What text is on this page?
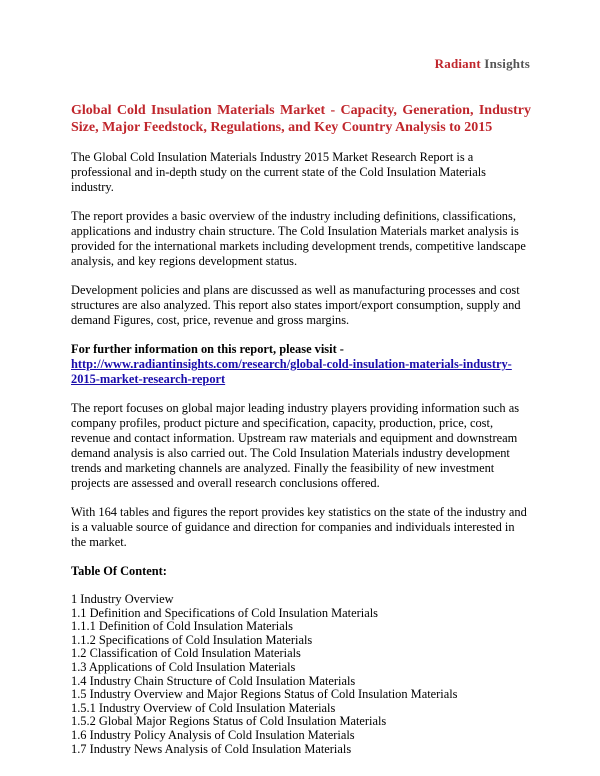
Radiant Insights
Global Cold Insulation Materials Market - Capacity, Generation, Industry Size, Major Feedstock, Regulations, and Key Country Analysis to 2015

The Global Cold Insulation Materials Industry 2015 Market Research Report is a professional and in-depth study on the current state of the Cold Insulation Materials industry.

The report provides a basic overview of the industry including definitions, classifications, applications and industry chain structure. The Cold Insulation Materials market analysis is provided for the international markets including development trends, competitive landscape analysis, and key regions development status.

Development policies and plans are discussed as well as manufacturing processes and cost structures are also analyzed. This report also states import/export consumption, supply and demand Figures, cost, price, revenue and gross margins.

For further information on this report, please visit -
http://www.radiantinsights.com/research/global-cold-insulation-materials-industry-2015-market-research-report

The report focuses on global major leading industry players providing information such as company profiles, product picture and specification, capacity, production, price, cost, revenue and contact information. Upstream raw materials and equipment and downstream demand analysis is also carried out. The Cold Insulation Materials industry development trends and marketing channels are analyzed. Finally the feasibility of new investment projects are assessed and overall research conclusions offered.

With 164 tables and figures the report provides key statistics on the state of the industry and is a valuable source of guidance and direction for companies and individuals interested in the market.

Table Of Content:
1 Industry Overview
1.1 Definition and Specifications of Cold Insulation Materials
1.1.1 Definition of Cold Insulation Materials
1.1.2 Specifications of Cold Insulation Materials
1.2 Classification of Cold Insulation Materials
1.3 Applications of Cold Insulation Materials
1.4 Industry Chain Structure of Cold Insulation Materials
1.5 Industry Overview and Major Regions Status of Cold Insulation Materials
1.5.1 Industry Overview of Cold Insulation Materials
1.5.2 Global Major Regions Status of Cold Insulation Materials
1.6 Industry Policy Analysis of Cold Insulation Materials
1.7 Industry News Analysis of Cold Insulation Materials
